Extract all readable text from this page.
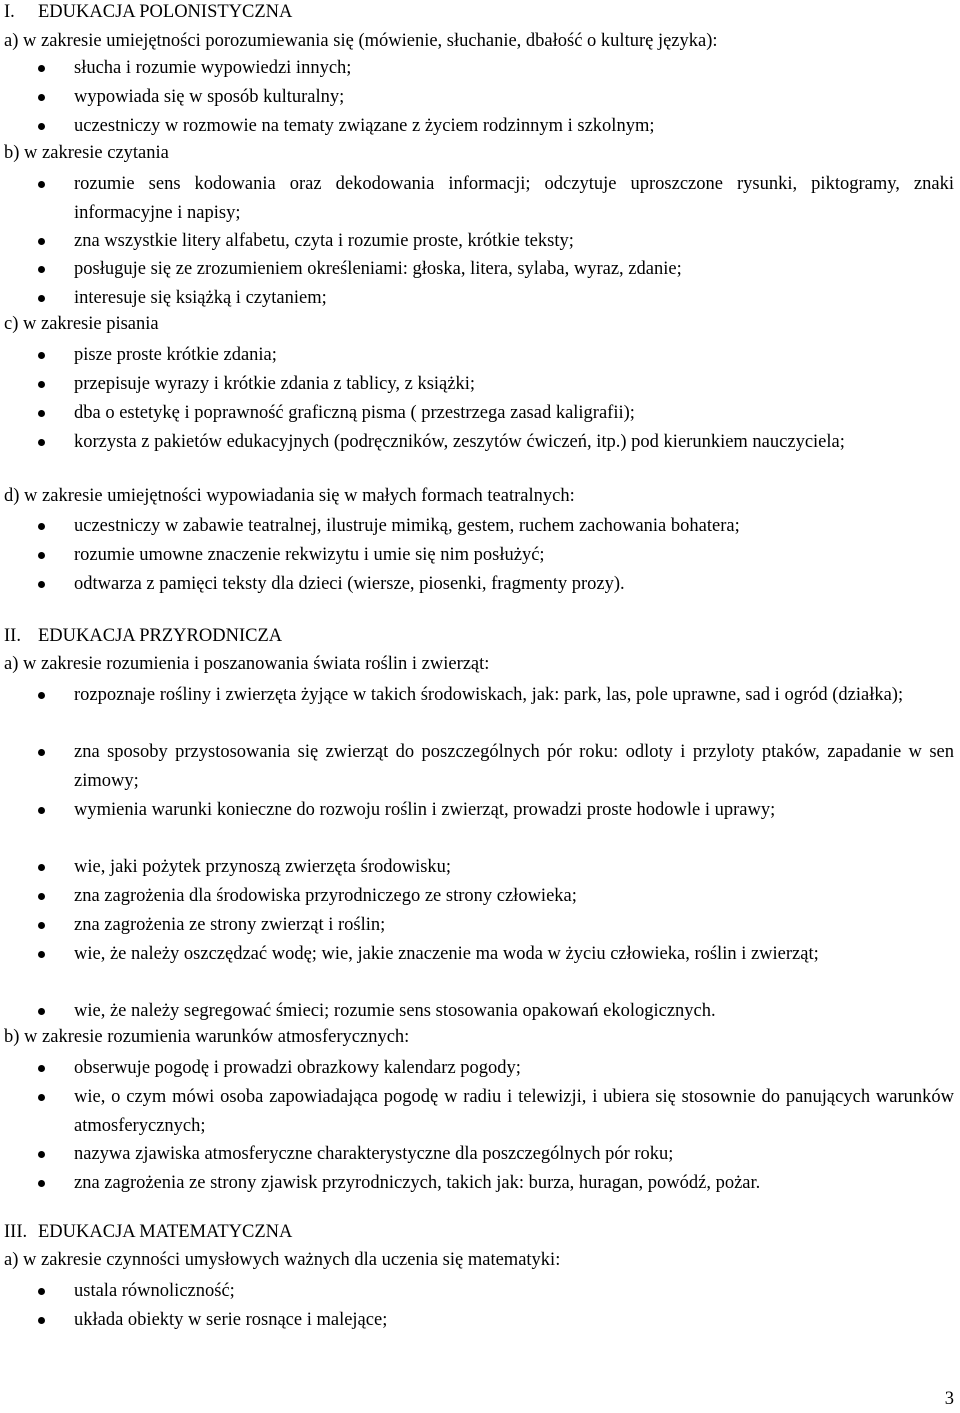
I. EDUKACJA POLONISTYCZNA
a) w zakresie umiejętności porozumiewania się (mówienie, słuchanie, dbałość o kulturę języka):
słucha i rozumie wypowiedzi innych;
wypowiada się w sposób kulturalny;
uczestniczy w rozmowie na tematy związane z życiem rodzinnym i szkolnym;
b) w zakresie czytania
rozumie sens kodowania oraz dekodowania informacji; odczytuje uproszczone rysunki, piktogramy, znaki informacyjne i napisy;
zna wszystkie litery alfabetu, czyta i rozumie proste, krótkie teksty;
posługuje się ze zrozumieniem określeniami: głoska, litera, sylaba, wyraz, zdanie;
interesuje się książką i czytaniem;
c) w zakresie pisania
pisze proste krótkie zdania;
przepisuje wyrazy i krótkie zdania z tablicy, z książki;
dba o estetykę i poprawność graficzną pisma ( przestrzega zasad kaligrafii);
korzysta z pakietów edukacyjnych (podręczników, zeszytów ćwiczeń, itp.) pod kierunkiem nauczyciela;
d) w zakresie umiejętności wypowiadania się w małych formach teatralnych:
uczestniczy w zabawie teatralnej, ilustruje mimiką, gestem, ruchem zachowania bohatera;
rozumie umowne znaczenie rekwizytu i umie się nim posłużyć;
odtwarza z pamięci teksty dla dzieci (wiersze, piosenki, fragmenty prozy).
II. EDUKACJA PRZYRODNICZA
a) w zakresie rozumienia i poszanowania świata roślin i zwierząt:
rozpoznaje rośliny i zwierzęta żyjące w takich środowiskach, jak: park, las, pole uprawne, sad i ogród (działka);
zna sposoby przystosowania się zwierząt do poszczególnych pór roku: odloty i przyloty ptaków, zapadanie w sen zimowy;
wymienia warunki konieczne do rozwoju roślin i zwierząt, prowadzi proste hodowle i uprawy;
wie, jaki pożytek przynoszą zwierzęta środowisku;
zna zagrożenia dla środowiska przyrodniczego ze strony człowieka;
zna zagrożenia ze strony zwierząt i roślin;
wie, że należy oszczędzać wodę; wie, jakie znaczenie ma woda w życiu człowieka, roślin i zwierząt;
wie, że należy segregować śmieci; rozumie sens stosowania opakowań ekologicznych.
b) w zakresie rozumienia warunków atmosferycznych:
obserwuje pogodę i prowadzi obrazkowy kalendarz pogody;
wie, o czym mówi osoba zapowiadająca pogodę w radiu i telewizji, i ubiera się stosownie do panujących warunków atmosferycznych;
nazywa zjawiska atmosferyczne charakterystyczne dla poszczególnych pór roku;
zna zagrożenia ze strony zjawisk przyrodniczych, takich jak: burza, huragan, powódź, pożar.
III. EDUKACJA MATEMATYCZNA
a) w zakresie czynności umysłowych ważnych dla uczenia się matematyki:
ustala równoliczność;
układa obiekty w serie rosnące i malejące;
3
